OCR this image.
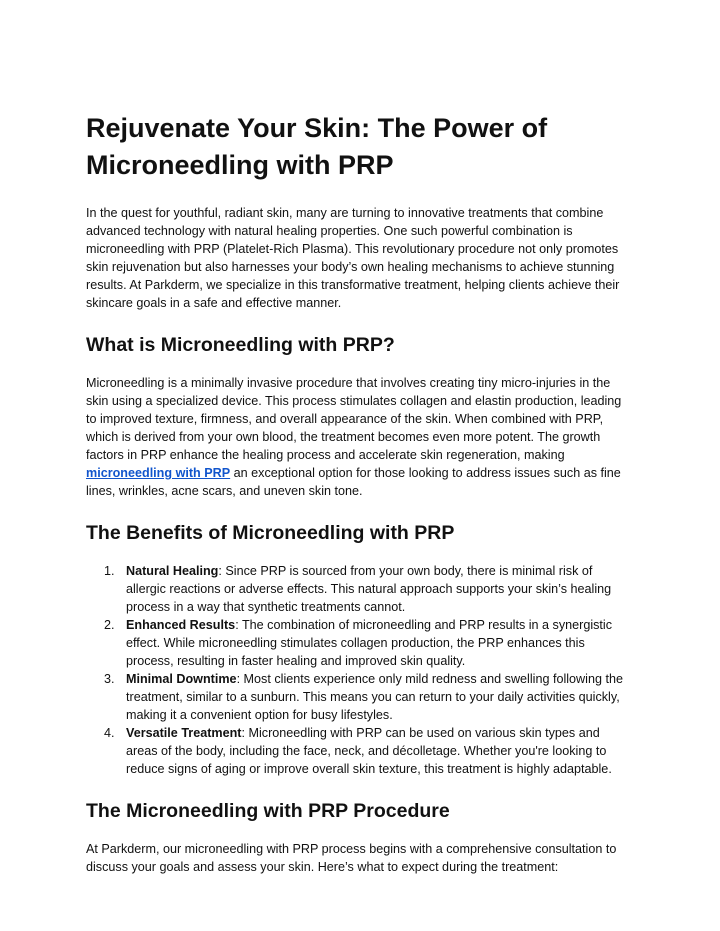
Rejuvenate Your Skin: The Power of Microneedling with PRP

In the quest for youthful, radiant skin, many are turning to innovative treatments that combine advanced technology with natural healing properties. One such powerful combination is microneedling with PRP (Platelet-Rich Plasma). This revolutionary procedure not only promotes skin rejuvenation but also harnesses your body’s own healing mechanisms to achieve stunning results. At Parkderm, we specialize in this transformative treatment, helping clients achieve their skincare goals in a safe and effective manner.

What is Microneedling with PRP?

Microneedling is a minimally invasive procedure that involves creating tiny micro-injuries in the skin using a specialized device. This process stimulates collagen and elastin production, leading to improved texture, firmness, and overall appearance of the skin. When combined with PRP, which is derived from your own blood, the treatment becomes even more potent. The growth factors in PRP enhance the healing process and accelerate skin regeneration, making microneedling with PRP an exceptional option for those looking to address issues such as fine lines, wrinkles, acne scars, and uneven skin tone.

The Benefits of Microneedling with PRP
1. Natural Healing: Since PRP is sourced from your own body, there is minimal risk of allergic reactions or adverse effects. This natural approach supports your skin’s healing process in a way that synthetic treatments cannot.
2. Enhanced Results: The combination of microneedling and PRP results in a synergistic effect. While microneedling stimulates collagen production, the PRP enhances this process, resulting in faster healing and improved skin quality.
3. Minimal Downtime: Most clients experience only mild redness and swelling following the treatment, similar to a sunburn. This means you can return to your daily activities quickly, making it a convenient option for busy lifestyles.
4. Versatile Treatment: Microneedling with PRP can be used on various skin types and areas of the body, including the face, neck, and décolletage. Whether you're looking to reduce signs of aging or improve overall skin texture, this treatment is highly adaptable.
The Microneedling with PRP Procedure

At Parkderm, our microneedling with PRP process begins with a comprehensive consultation to discuss your goals and assess your skin. Here’s what to expect during the treatment:
